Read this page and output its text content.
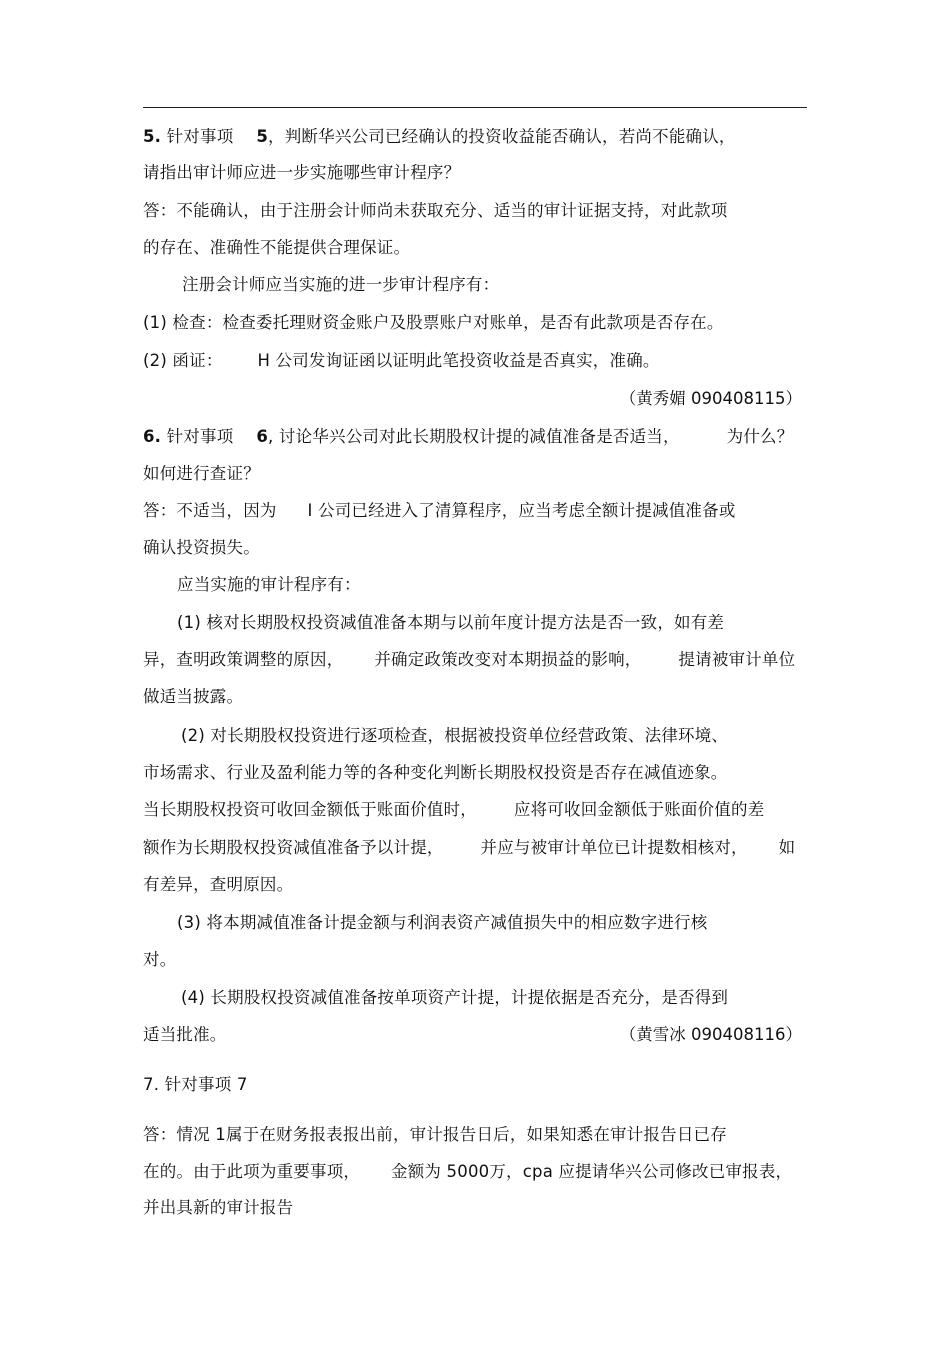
5. 针对事项 5，判断华兴公司已经确认的投资收益能否确认，若尚不能确认，
请指出审计师应进一步实施哪些审计程序？
答：不能确认，由于注册会计师尚未获取充分、适当的审计证据支持，对此款项
的存在、准确性不能提供合理保证。
注册会计师应当实施的进一步审计程序有：
(1) 检查：检查委托理财资金账户及股票账户对账单，是否有此款项是否存在。
(2) 函证： H 公司发询证函以证明此笔投资收益是否真实，准确。
（黄秀媚 090408115）
6. 针对事项 6, 讨论华兴公司对此长期股权计提的减值准备是否适当，	为什么？
如何进行查证？
答：不适当，因为 I 公司已经进入了清算程序，应当考虑全额计提减值准备或
确认投资损失。
应当实施的审计程序有：
(1) 核对长期股权投资减值准备本期与以前年度计提方法是否一致，如有差
异，查明政策调整的原因， 并确定政策改变对本期损益的影响， 提请被审计单位
做适当披露。
(2) 对长期股权投资进行逐项检查，根据被投资单位经营政策、法律环境、
市场需求、行业及盈利能力等的各种变化判断长期股权投资是否存在减值迹象。
当长期股权投资可收回金额低于账面价值时， 应将可收回金额低于账面价值的差
额作为长期股权投资减值准备予以计提， 并应与被审计单位已计提数相核对， 如
有差异，查明原因。
(3) 将本期减值准备计提金额与利润表资产减值损失中的相应数字进行核
对。
(4) 长期股权投资减值准备按单项资产计提，计提依据是否充分，是否得到
适当批准。	（黄雪冰 090408116）
7. 针对事项 7
答：情况 1属于在财务报表报出前，审计报告日后，如果知悉在审计报告日已存
在的。由于此项为重要事项， 金额为 5000万，cpa 应提请华兴公司修改已审报表，
并出具新的审计报告
